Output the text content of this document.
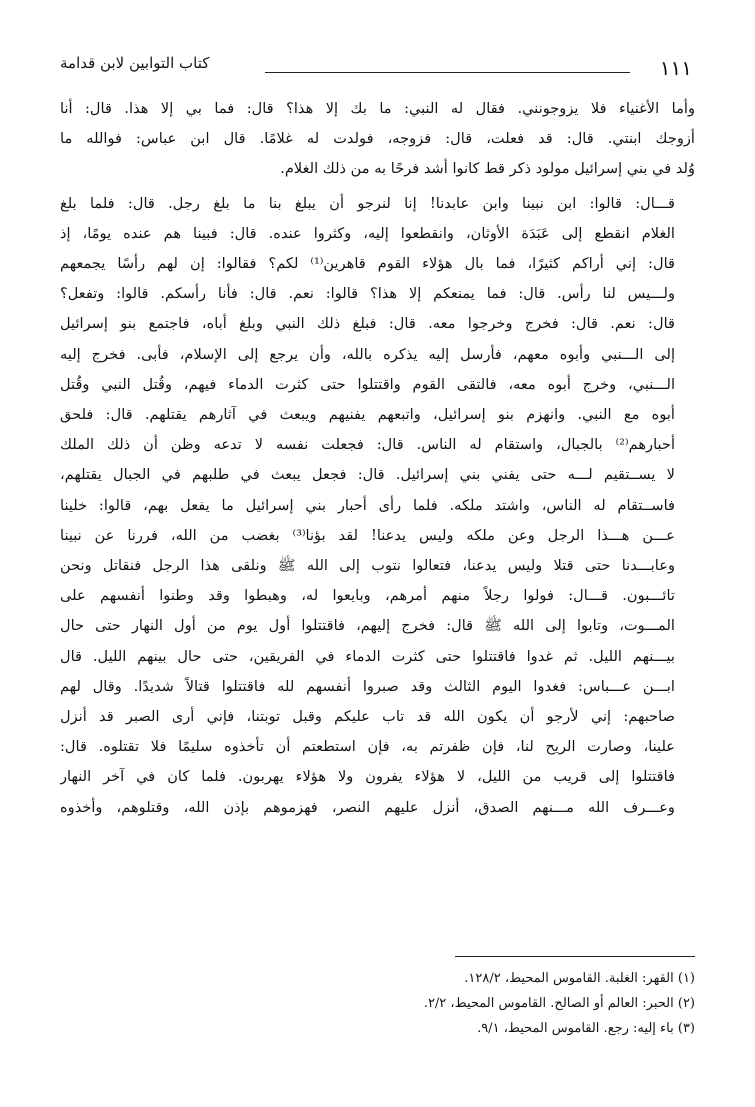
١١١
كتاب التوابين لابن قدامة

وأما الأغنياء فلا يزوجونني. فقال له النبي: ما بك إلا هذا؟ قال: فما بي إلا هذا. قال: أنا
أزوجك ابنتي. قال: قد فعلت، قال: فزوجه، فولدت له غلامًا. قال ابن عباس: فوالله ما
وُلد في بني إسرائيل مولود ذكر قط كانوا أشد فرحًا به من ذلك الغلام.

قـــال: قالوا: ابن نبينا وابن عابدنا! إنا لنرجو أن يبلغ بنا ما بلغ رجل. قال: فلما بلغ
الغلام انقطع إلى عَبَدَة الأوثان، وانقطعوا إليه، وكثروا عنده. قال: فبينا هم عنده يومًا، إذ
قال: إني أراكم كثيرًا، فما بال هؤلاء القوم قاهرين⁽¹⁾ لكم؟ فقالوا: إن لهم رأسًا يجمعهم
ولـــيس لنا رأس. قال: فما يمنعكم إلا هذا؟ قالوا: نعم. قال: فأنا رأسكم. قالوا: وتفعل؟
قال: نعم. قال: فخرج وخرجوا معه. قال: فبلغ ذلك النبي وبلغ أباه، فاجتمع بنو إسرائيل
إلى الـــنبي وأبوه معهم، فأرسل إليه يذكره بالله، وأن يرجع إلى الإسلام، فأبى. فخرج إليه
الـــنبي، وخرج أبوه معه، فالتقى القوم واقتتلوا حتى كثرت الدماء فيهم، وقُتل النبي وقُتل
أبوه مع النبي. وانهزم بنو إسرائيل، واتبعهم يفنيهم ويبعث في آثارهم يقتلهم. قال: فلحق
أحبارهم⁽²⁾ بالجبال، واستقام له الناس. قال: فجعلت نفسه لا تدعه وظن أن ذلك الملك
لا يســتقيم لـــه حتى يفني بني إسرائيل. قال: فجعل يبعث في طلبهم في الجبال يقتلهم،
فاســتقام له الناس، واشتد ملكه. فلما رأى أحبار بني إسرائيل ما يفعل بهم، قالوا: خلينا
عـــن هـــذا الرجل وعن ملكه وليس يدعنا! لقد بؤنا⁽³⁾ بغضب من الله، فررنا عن نبينا
وعابـــدنا حتى قتلا وليس يدعنا، فتعالوا نتوب إلى الله ﷺ ونلقى هذا الرجل فنقاتل ونحن
تائـــبون. قـــال: فولوا رجلاً منهم أمرهم، وبايعوا له، وهبطوا وقد وطنوا أنفسهم على
المـــوت، وتابوا إلى الله ﷺ قال: فخرج إليهم، فاقتتلوا أول يوم من أول النهار حتى حال
بيـــنهم الليل. ثم غدوا فاقتتلوا حتى كثرت الدماء في الفريقين، حتى حال بينهم الليل. قال
ابـــن عـــباس: فغدوا اليوم الثالث وقد صبروا أنفسهم لله فاقتتلوا قتالاً شديدًا. وقال لهم
صاحبهم: إني لأرجو أن يكون الله قد تاب عليكم وقبل توبتنا، فإني أرى الصبر قد أنزل
علينا، وصارت الريح لنا، فإن ظفرتم به، فإن استطعتم أن تأخذوه سليمًا فلا تقتلوه. قال:
فاقتتلوا إلى قريب من الليل، لا هؤلاء يفرون ولا هؤلاء يهربون. فلما كان في آخر النهار
وعـــرف الله مـــنهم الصدق، أنزل عليهم النصر، فهزموهم بإذن الله، وقتلوهم، وأخذوه

(١) القهر: الغلبة. القاموس المحيط، ١٢٨/٢.
(٢) الحبر: العالم أو الصالح. القاموس المحيط، ٢/٢.
(٣) باء إليه: رجع. القاموس المحيط، ٩/١.
